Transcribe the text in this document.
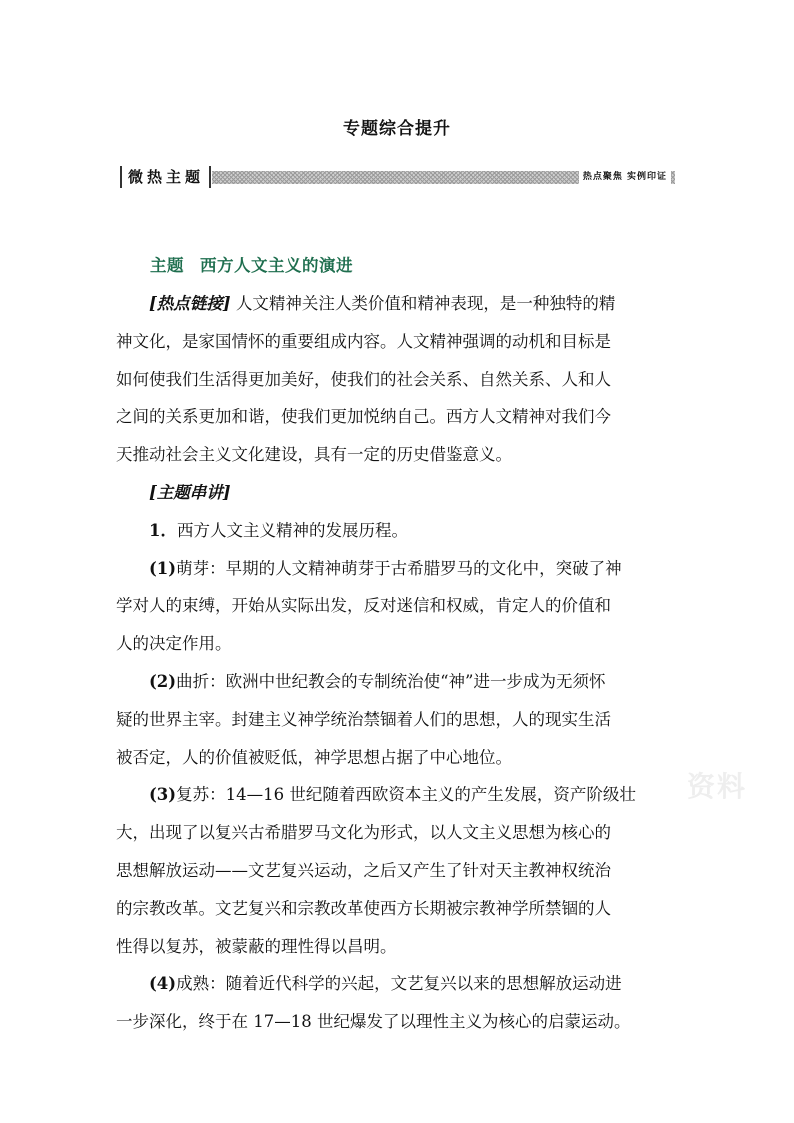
专题综合提升
微热主题	热点聚焦 实例印证
主题 西方人文主义的演进
[热点链接] 人文精神关注人类价值和精神表现，是一种独特的精
神文化，是家国情怀的重要组成内容。人文精神强调的动机和目标是
如何使我们生活得更加美好，使我们的社会关系、自然关系、人和人
之间的关系更加和谐，使我们更加悦纳自己。西方人文精神对我们今
天推动社会主义文化建设，具有一定的历史借鉴意义。
[主题串讲]
1．西方人文主义精神的发展历程。
(1)萌芽：早期的人文精神萌芽于古希腊罗马的文化中，突破了神
学对人的束缚，开始从实际出发，反对迷信和权威，肯定人的价值和
人的决定作用。
(2)曲折：欧洲中世纪教会的专制统治使“神”进一步成为无须怀
疑的世界主宰。封建主义神学统治禁锢着人们的思想，人的现实生活
被否定，人的价值被贬低，神学思想占据了中心地位。
(3)复苏：14—16 世纪随着西欧资本主义的产生发展，资产阶级壮
大，出现了以复兴古希腊罗马文化为形式，以人文主义思想为核心的
思想解放运动——文艺复兴运动，之后又产生了针对天主教神权统治
的宗教改革。文艺复兴和宗教改革使西方长期被宗教神学所禁锢的人
性得以复苏，被蒙蔽的理性得以昌明。
(4)成熟：随着近代科学的兴起，文艺复兴以来的思想解放运动进
一步深化，终于在 17—18 世纪爆发了以理性主义为核心的启蒙运动。
资料
